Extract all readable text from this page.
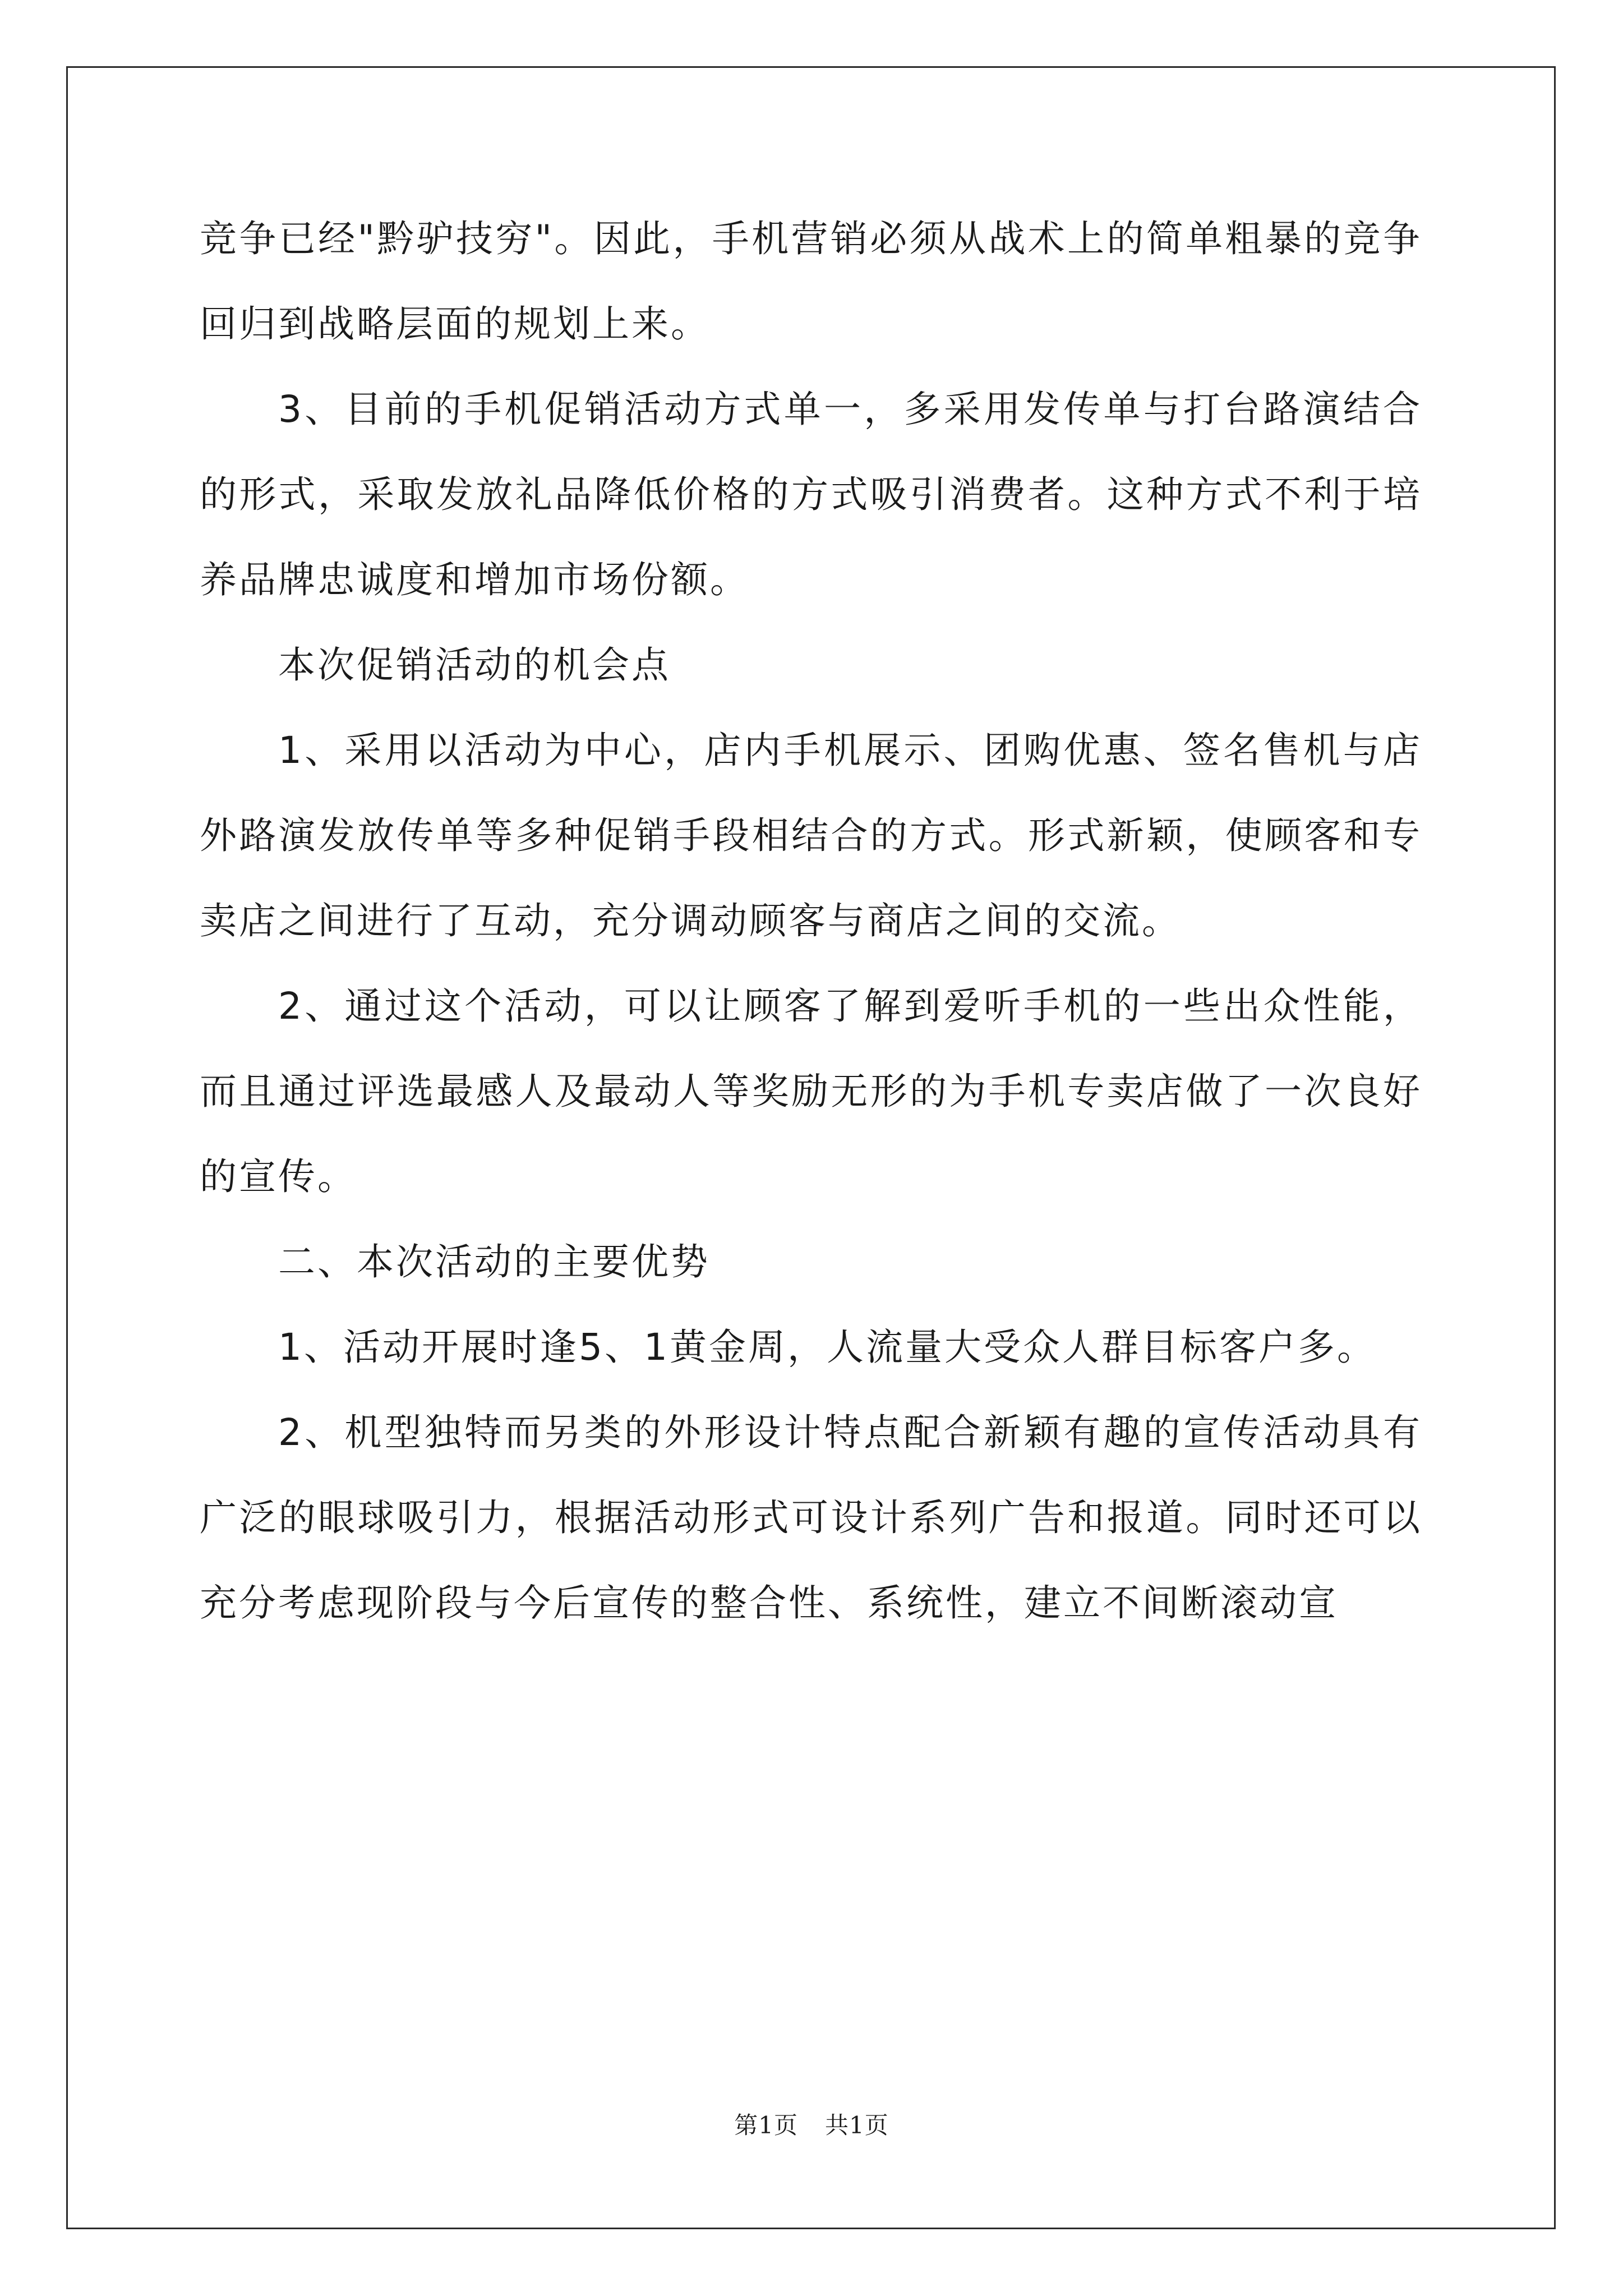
竞争已经"黔驴技穷"。因此，手机营销必须从战术上的简单粗暴的竞争回归到战略层面的规划上来。

3、目前的手机促销活动方式单一，多采用发传单与打台路演结合的形式，采取发放礼品降低价格的方式吸引消费者。这种方式不利于培养品牌忠诚度和增加市场份额。

本次促销活动的机会点

1、采用以活动为中心，店内手机展示、团购优惠、签名售机与店外路演发放传单等多种促销手段相结合的方式。形式新颖，使顾客和专卖店之间进行了互动，充分调动顾客与商店之间的交流。

2、通过这个活动，可以让顾客了解到爱听手机的一些出众性能，而且通过评选最感人及最动人等奖励无形的为手机专卖店做了一次良好的宣传。

二、本次活动的主要优势

1、活动开展时逢5、1黄金周，人流量大受众人群目标客户多。

2、机型独特而另类的外形设计特点配合新颖有趣的宣传活动具有广泛的眼球吸引力，根据活动形式可设计系列广告和报道。同时还可以充分考虑现阶段与今后宣传的整合性、系统性，建立不间断滚动宣

第1页 共1页
